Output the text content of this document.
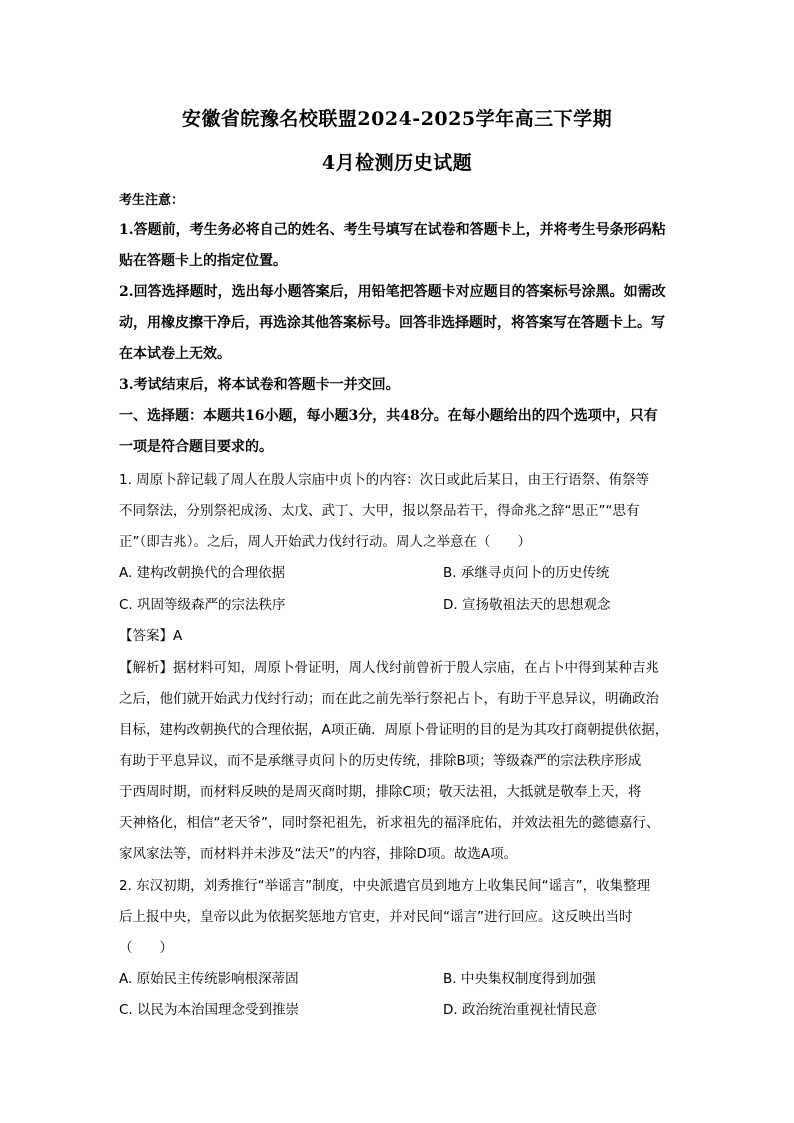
安徽省皖豫名校联盟2024-2025学年高三下学期
4月检测历史试题
考生注意：
1.答题前，考生务必将自己的姓名、考生号填写在试卷和答题卡上，并将考生号条形码粘
贴在答题卡上的指定位置。
2.回答选择题时，选出每小题答案后，用铅笔把答题卡对应题目的答案标号涂黑。如需改
动，用橡皮擦干净后，再选涂其他答案标号。回答非选择题时，将答案写在答题卡上。写
在本试卷上无效。
3.考试结束后，将本试卷和答题卡一并交回。
一、选择题：本题共16小题，每小题3分，共48分。在每小题给出的四个选项中，只有
一项是符合题目要求的。
1. 周原卜辞记载了周人在殷人宗庙中贞卜的内容：次日或此后某日，由王行语祭、侑祭等
不同祭法，分别祭祀成汤、太戊、武丁、大甲，报以祭品若干，得命兆之辞“思正”“思有
正”（即吉兆）。之后，周人开始武力伐纣行动。周人之举意在（　　）
A. 建构改朝换代的合理依据	B. 承继寻贞问卜的历史传统
C. 巩固等级森严的宗法秩序	D. 宣扬敬祖法天的思想观念
【答案】A
【解析】据材料可知，周原卜骨证明，周人伐纣前曾祈于殷人宗庙，在占卜中得到某种吉兆
之后，他们就开始武力伐纣行动；而在此之前先举行祭祀占卜，有助于平息异议，明确政治
目标，建构改朝换代的合理依据，A项正确．周原卜骨证明的目的是为其攻打商朝提供依据，
有助于平息异议，而不是承继寻贞问卜的历史传统，排除B项；等级森严的宗法秩序形成
于西周时期，而材料反映的是周灭商时期，排除C项；敬天法祖，大抵就是敬奉上天，将
天神格化，相信“老天爷”，同时祭祀祖先，祈求祖先的福泽庇佑，并效法祖先的懿德嘉行、
家风家法等，而材料并未涉及“法天”的内容，排除D项。故选A项。
2. 东汉初期，刘秀推行“举谣言”制度，中央派遣官员到地方上收集民间“谣言”，收集整理
后上报中央，皇帝以此为依据奖惩地方官吏，并对民间“谣言”进行回应。这反映出当时
（　　）
A. 原始民主传统影响根深蒂固	B. 中央集权制度得到加强
C. 以民为本治国理念受到推崇	D. 政治统治重视社情民意
